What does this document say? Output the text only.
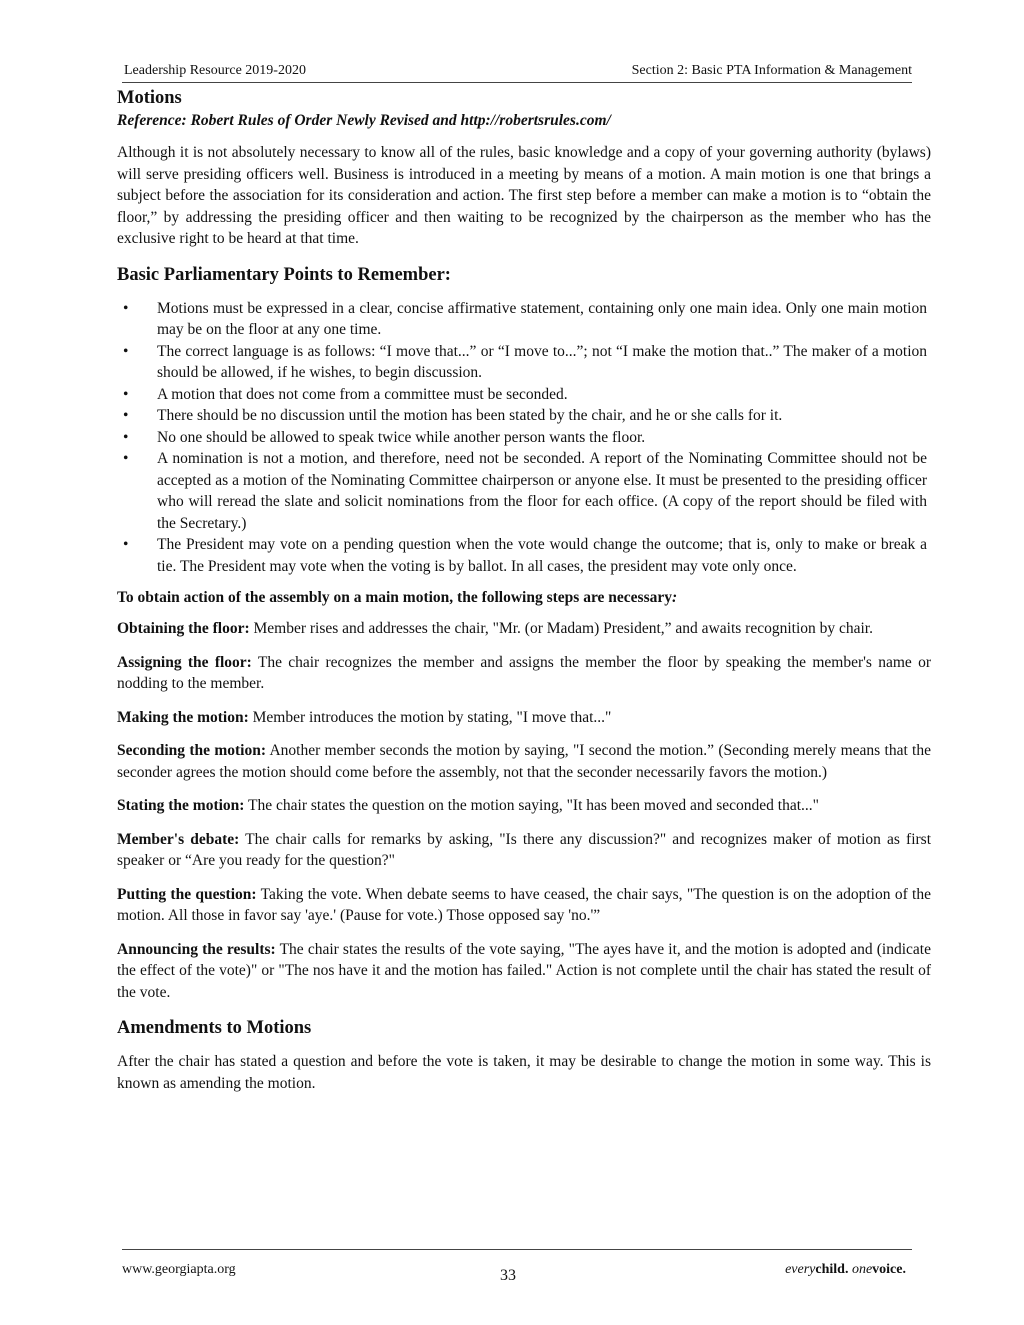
Leadership Resource 2019-2020	Section 2: Basic PTA Information & Management
Motions

Reference: Robert Rules of Order Newly Revised and http://robertsrules.com/

Although it is not absolutely necessary to know all of the rules, basic knowledge and a copy of your governing authority (bylaws) will serve presiding officers well. Business is introduced in a meeting by means of a motion. A main motion is one that brings a subject before the association for its consideration and action. The first step before a member can make a motion is to “obtain the floor,” by addressing the presiding officer and then waiting to be recognized by the chairperson as the member who has the exclusive right to be heard at that time.

Basic Parliamentary Points to Remember:
• Motions must be expressed in a clear, concise affirmative statement, containing only one main idea. Only one main motion may be on the floor at any one time.
• The correct language is as follows: “I move that...” or “I move to...”; not “I make the motion that..” The maker of a motion should be allowed, if he wishes, to begin discussion.
• A motion that does not come from a committee must be seconded.
• There should be no discussion until the motion has been stated by the chair, and he or she calls for it.
• No one should be allowed to speak twice while another person wants the floor.
• A nomination is not a motion, and therefore, need not be seconded. A report of the Nominating Committee should not be accepted as a motion of the Nominating Committee chairperson or anyone else. It must be presented to the presiding officer who will reread the slate and solicit nominations from the floor for each office. (A copy of the report should be filed with the Secretary.)
• The President may vote on a pending question when the vote would change the outcome; that is, only to make or break a tie. The President may vote when the voting is by ballot. In all cases, the president may vote only once.

To obtain action of the assembly on a main motion, the following steps are necessary:

Obtaining the floor: Member rises and addresses the chair, "Mr. (or Madam) President,” and awaits recognition by chair.

Assigning the floor: The chair recognizes the member and assigns the member the floor by speaking the member's name or nodding to the member.

Making the motion: Member introduces the motion by stating, "I move that..."

Seconding the motion: Another member seconds the motion by saying, "I second the motion.” (Seconding merely means that the seconder agrees the motion should come before the assembly, not that the seconder necessarily favors the motion.)

Stating the motion: The chair states the question on the motion saying, "It has been moved and seconded that..."

Member's debate: The chair calls for remarks by asking, "Is there any discussion?" and recognizes maker of motion as first speaker or “Are you ready for the question?"

Putting the question: Taking the vote. When debate seems to have ceased, the chair says, "The question is on the adoption of the motion. All those in favor say 'aye.' (Pause for vote.) Those opposed say 'no.'”

Announcing the results: The chair states the results of the vote saying, "The ayes have it, and the motion is adopted and (indicate the effect of the vote)" or "The nos have it and the motion has failed." Action is not complete until the chair has stated the result of the vote.

Amendments to Motions

After the chair has stated a question and before the vote is taken, it may be desirable to change the motion in some way. This is known as amending the motion.

www.georgiapta.org	33	everychild. onevoice.
